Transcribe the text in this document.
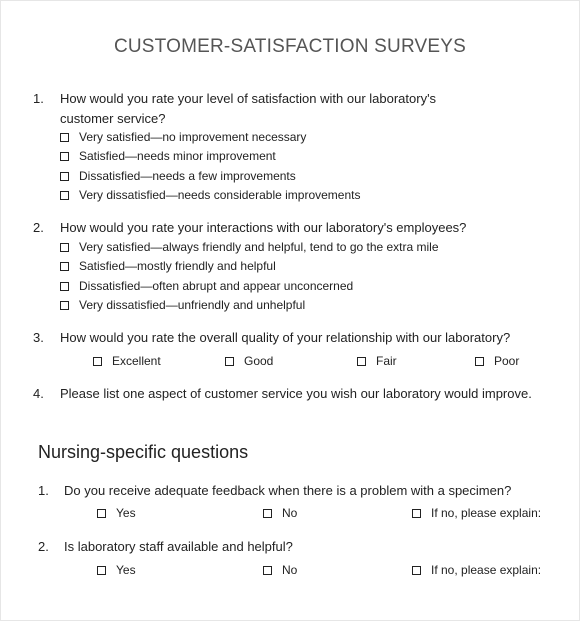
CUSTOMER-SATISFACTION SURVEYS
1. How would you rate your level of satisfaction with our laboratory's customer service?
Very satisfied—no improvement necessary
Satisfied—needs minor improvement
Dissatisfied—needs a few improvements
Very dissatisfied—needs considerable improvements
2. How would you rate your interactions with our laboratory's employees?
Very satisfied—always friendly and helpful, tend to go the extra mile
Satisfied—mostly friendly and helpful
Dissatisfied—often abrupt and appear unconcerned
Very dissatisfied—unfriendly and unhelpful
3. How would you rate the overall quality of your relationship with our laboratory?
Excellent	Good	Fair	Poor
4. Please list one aspect of customer service you wish our laboratory would improve.
Nursing-specific questions
1. Do you receive adequate feedback when there is a problem with a specimen?
Yes	No	If no, please explain:
2. Is laboratory staff available and helpful?
Yes	No	If no, please explain:
